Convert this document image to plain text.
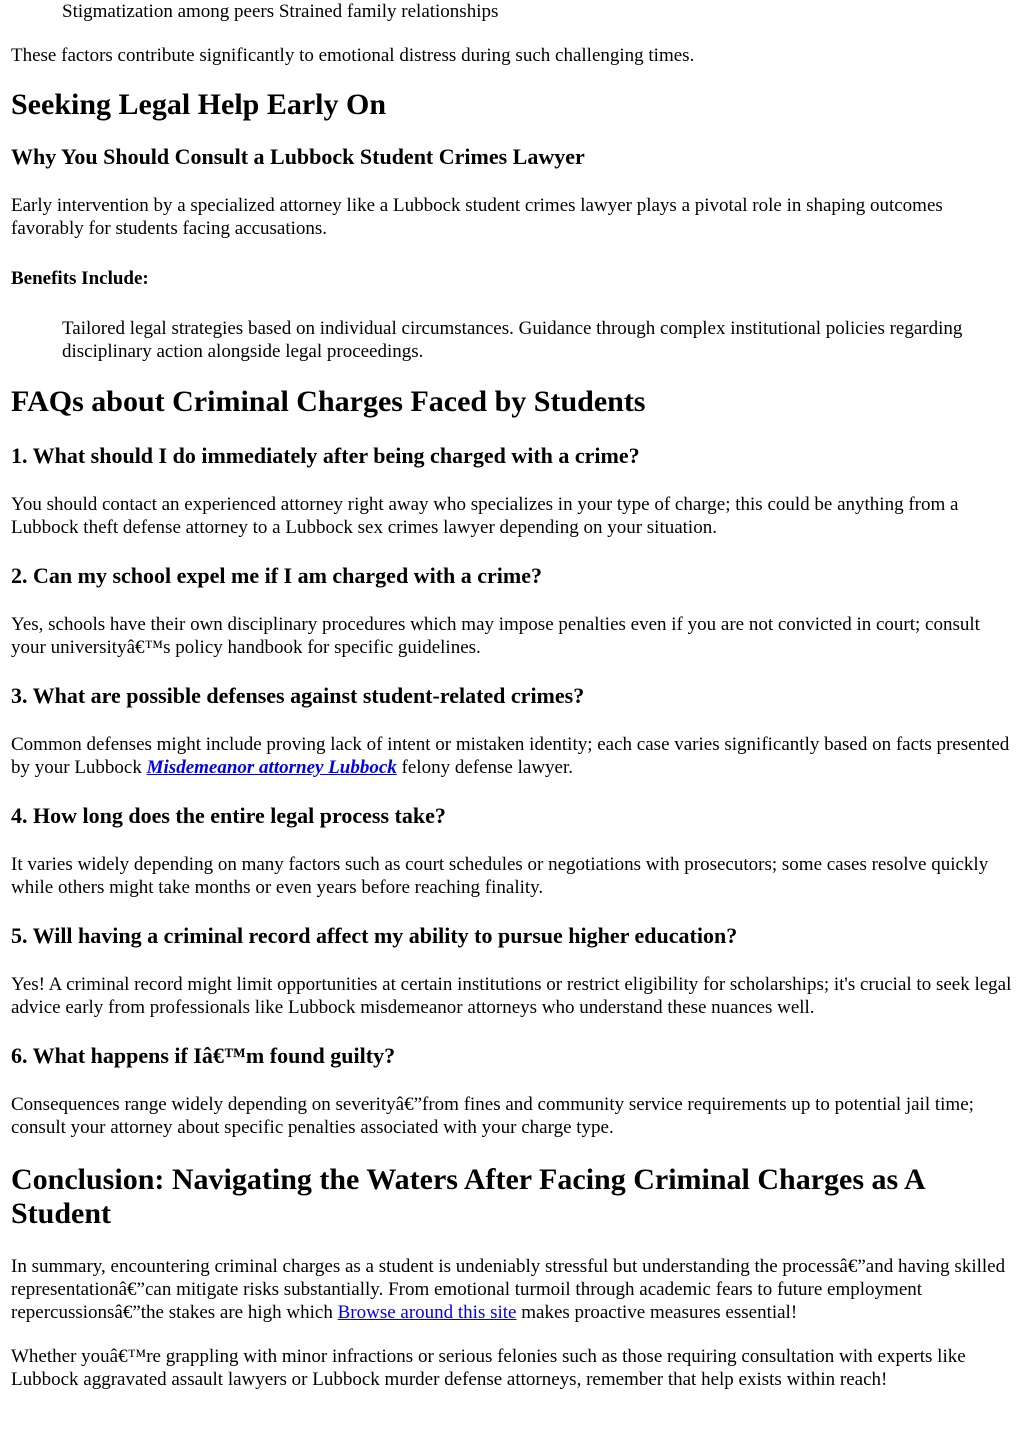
Stigmatization among peers Strained family relationships

These factors contribute significantly to emotional distress during such challenging times.

Seeking Legal Help Early On
Why You Should Consult a Lubbock Student Crimes Lawyer

Early intervention by a specialized attorney like a Lubbock student crimes lawyer plays a pivotal role in shaping outcomes favorably for students facing accusations.

Benefits Include:

Tailored legal strategies based on individual circumstances. Guidance through complex institutional policies regarding disciplinary action alongside legal proceedings.

FAQs about Criminal Charges Faced by Students
1. What should I do immediately after being charged with a crime?

You should contact an experienced attorney right away who specializes in your type of charge; this could be anything from a Lubbock theft defense attorney to a Lubbock sex crimes lawyer depending on your situation.

2. Can my school expel me if I am charged with a crime?

Yes, schools have their own disciplinary procedures which may impose penalties even if you are not convicted in court; consult your universityâ€™s policy handbook for specific guidelines.

3. What are possible defenses against student-related crimes?

Common defenses might include proving lack of intent or mistaken identity; each case varies significantly based on facts presented by your Lubbock Misdemeanor attorney Lubbock felony defense lawyer.

4. How long does the entire legal process take?

It varies widely depending on many factors such as court schedules or negotiations with prosecutors; some cases resolve quickly while others might take months or even years before reaching finality.

5. Will having a criminal record affect my ability to pursue higher education?

Yes! A criminal record might limit opportunities at certain institutions or restrict eligibility for scholarships; it's crucial to seek legal advice early from professionals like Lubbock misdemeanor attorneys who understand these nuances well.

6. What happens if Iâ€™m found guilty?

Consequences range widely depending on severityâ€”from fines and community service requirements up to potential jail time; consult your attorney about specific penalties associated with your charge type.

Conclusion: Navigating the Waters After Facing Criminal Charges as A Student

In summary, encountering criminal charges as a student is undeniably stressful but understanding the processâ€”and having skilled representationâ€”can mitigate risks substantially. From emotional turmoil through academic fears to future employment repercussionsâ€”the stakes are high which Browse around this site makes proactive measures essential!

Whether youâ€™re grappling with minor infractions or serious felonies such as those requiring consultation with experts like Lubbock aggravated assault lawyers or Lubbock murder defense attorneys, remember that help exists within reach!
